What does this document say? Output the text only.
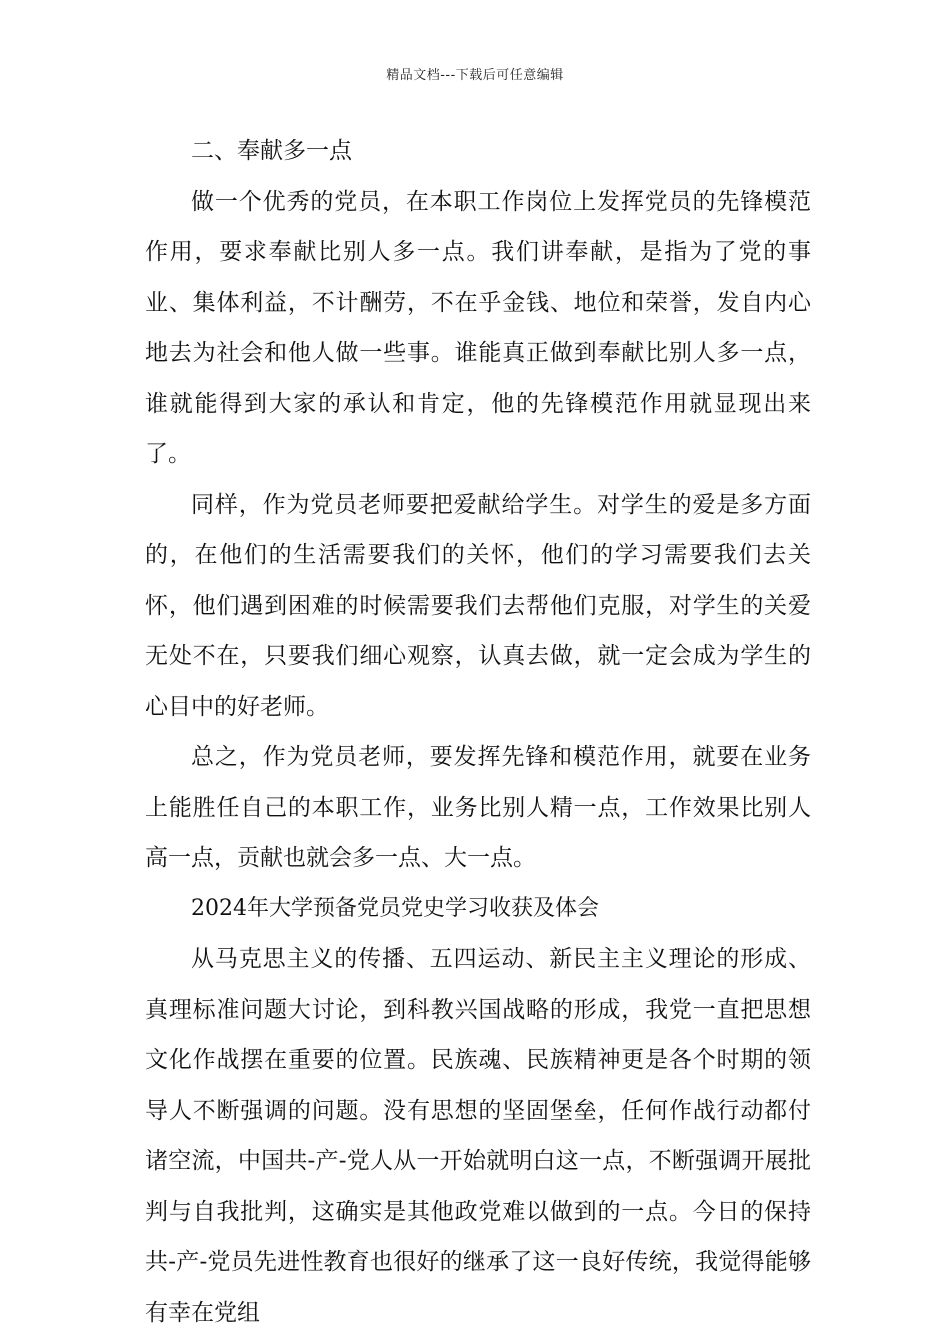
精品文档---下载后可任意编辑

二、奉献多一点

做一个优秀的党员，在本职工作岗位上发挥党员的先锋模范作用，要求奉献比别人多一点。我们讲奉献，是指为了党的事业、集体利益，不计酬劳，不在乎金钱、地位和荣誉，发自内心地去为社会和他人做一些事。谁能真正做到奉献比别人多一点，谁就能得到大家的承认和肯定，他的先锋模范作用就显现出来了。

同样，作为党员老师要把爱献给学生。对学生的爱是多方面的，在他们的生活需要我们的关怀，他们的学习需要我们去关怀，他们遇到困难的时候需要我们去帮他们克服，对学生的关爱无处不在，只要我们细心观察，认真去做，就一定会成为学生的心目中的好老师。

总之，作为党员老师，要发挥先锋和模范作用，就要在业务上能胜任自己的本职工作，业务比别人精一点，工作效果比别人高一点，贡献也就会多一点、大一点。

2024年大学预备党员党史学习收获及体会

从马克思主义的传播、五四运动、新民主主义理论的形成、真理标准问题大讨论，到科教兴国战略的形成，我党一直把思想文化作战摆在重要的位置。民族魂、民族精神更是各个时期的领导人不断强调的问题。没有思想的坚固堡垒，任何作战行动都付诸空流，中国共-产-党人从一开始就明白这一点，不断强调开展批判与自我批判，这确实是其他政党难以做到的一点。今日的保持共-产-党员先进性教育也很好的继承了这一良好传统，我觉得能够有幸在党组
